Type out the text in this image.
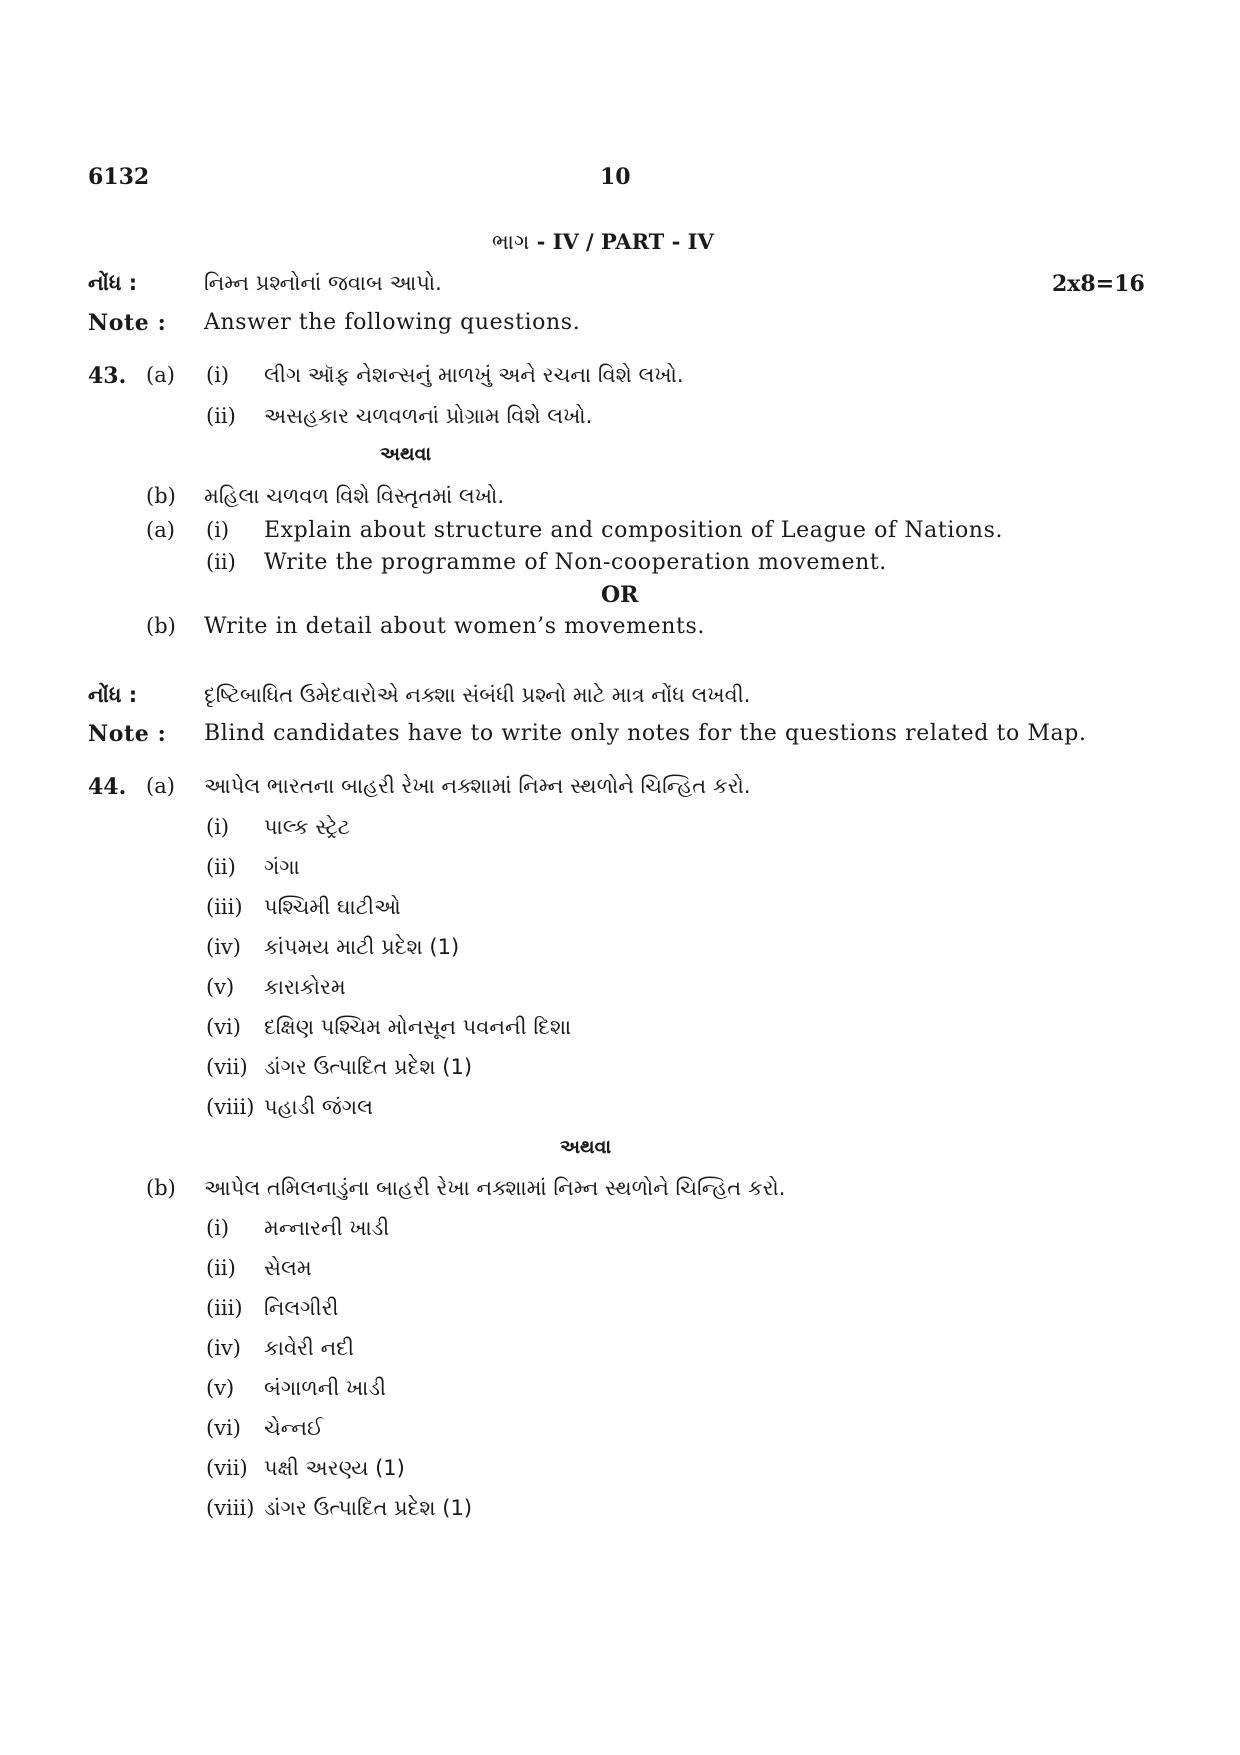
6132	10
ભાગ - IV / PART - IV
નોંધ :	નિમ્ન પ્રશ્નોનાં જવાબ આપો.	2x8=16
Note : Answer the following questions.
43. (a) (i) લીગ ઑફ નેશન્સનું માળખું અને રચના વિશે લખો.
(ii) અસહકાર ચળવળનાં પ્રોગ્રામ વિશે લખો.
અથવા
(b) મહિલા ચળવળ વિશે વિસ્તૃતમાં લખો.
(a) (i) Explain about structure and composition of League of Nations.
(ii) Write the programme of Non-cooperation movement.
OR
(b) Write in detail about women’s movements.
નોંધ :	દૃષ્ટિબાધિત ઉમેદવારોએ નક્શા સંબંધી પ્રશ્નો માટે માત્ર નોંધ લખવી.
Note : Blind candidates have to write only notes for the questions related to Map.
44. (a) આપેલ ભારતના બાહરી રેખા નક્શામાં નિમ્ન સ્થળોને ચિન્હિત કરો.
(i) પાલ્ક સ્ટ્રેટ
(ii) ગંગા
(iii) પશ્ચિમી ઘાટીઓ
(iv) કાંપમય માટી પ્રદેશ (1)
(v) કારાકોરમ
(vi) દક્ષિણ પશ્ચિમ મોનસૂન પવનની દિશા
(vii) ડાંગર ઉત્પાદિત પ્રદેશ (1)
(viii) પહાડી જંગલ
અથવા
(b) આપેલ તમિલનાડુંના બાહરી રેખા નક્શામાં નિમ્ન સ્થળોને ચિન્હિત કરો.
(i) મન્નારની ખાડી
(ii) સેલમ
(iii) નિલગીરી
(iv) કાવેરી નદી
(v) બંગાળની ખાડી
(vi) ચેન્નઈ
(vii) પક્ષી અરણ્ય (1)
(viii) ડાંગર ઉત્પાદિત પ્રદેશ (1)
